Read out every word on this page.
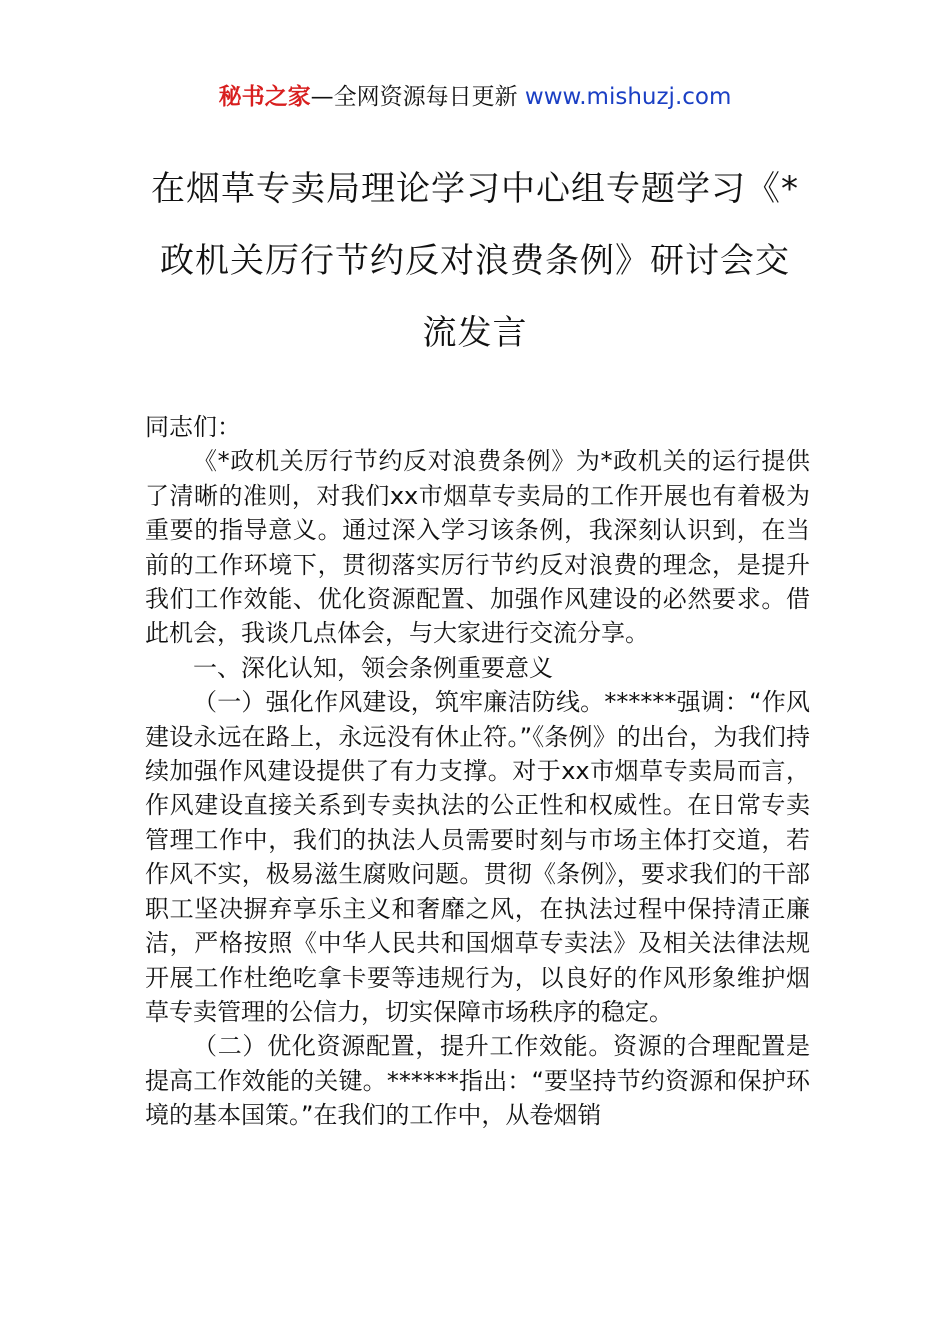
秘书之家—全网资源每日更新 www.mishuzj.com
在烟草专卖局理论学习中心组专题学习《*
政机关厉行节约反对浪费条例》研讨会交
流发言

同志们：

《*政机关厉行节约反对浪费条例》为*政机关的运行提供了清晰的准则，对我们xx市烟草专卖局的工作开展也有着极为重要的指导意义。通过深入学习该条例，我深刻认识到，在当前的工作环境下，贯彻落实厉行节约反对浪费的理念，是提升我们工作效能、优化资源配置、加强作风建设的必然要求。借此机会，我谈几点体会，与大家进行交流分享。

一、深化认知，领会条例重要意义

（一）强化作风建设，筑牢廉洁防线。******强调：“作风建设永远在路上，永远没有休止符。”《条例》的出台，为我们持续加强作风建设提供了有力支撑。对于xx市烟草专卖局而言，作风建设直接关系到专卖执法的公正性和权威性。在日常专卖管理工作中，我们的执法人员需要时刻与市场主体打交道，若作风不实，极易滋生腐败问题。贯彻《条例》，要求我们的干部职工坚决摒弃享乐主义和奢靡之风，在执法过程中保持清正廉洁，严格按照《中华人民共和国烟草专卖法》及相关法律法规开展工作杜绝吃拿卡要等违规行为，以良好的作风形象维护烟草专卖管理的公信力，切实保障市场秩序的稳定。

（二）优化资源配置，提升工作效能。资源的合理配置是提高工作效能的关键。******指出：“要坚持节约资源和保护环境的基本国策。”在我们的工作中，从卷烟销
